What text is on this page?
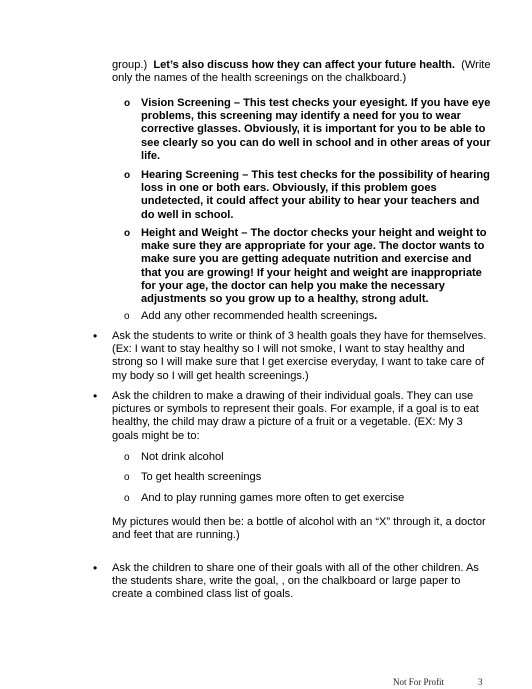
group.) Let’s also discuss how they can affect your future health. (Write only the names of the health screenings on the chalkboard.)

o Vision Screening – This test checks your eyesight. If you have eye problems, this screening may identify a need for you to wear corrective glasses. Obviously, it is important for you to be able to see clearly so you can do well in school and in other areas of your life.
o Hearing Screening – This test checks for the possibility of hearing loss in one or both ears. Obviously, if this problem goes undetected, it could affect your ability to hear your teachers and do well in school.
o Height and Weight – The doctor checks your height and weight to make sure they are appropriate for your age. The doctor wants to make sure you are getting adequate nutrition and exercise and that you are growing! If your height and weight are inappropriate for your age, the doctor can help you make the necessary adjustments so you grow up to a healthy, strong adult.
o Add any other recommended health screenings.
• Ask the students to write or think of 3 health goals they have for themselves. (Ex: I want to stay healthy so I will not smoke, I want to stay healthy and strong so I will make sure that I get exercise everyday, I want to take care of my body so I will get health screenings.)
• Ask the children to make a drawing of their individual goals. They can use pictures or symbols to represent their goals. For example, if a goal is to eat healthy, the child may draw a picture of a fruit or a vegetable. (EX: My 3 goals might be to:
o Not drink alcohol
o To get health screenings
o And to play running games more often to get exercise

My pictures would then be: a bottle of alcohol with an “X” through it, a doctor and feet that are running.)

• Ask the children to share one of their goals with all of the other children. As the students share, write the goal, , on the chalkboard or large paper to create a combined class list of goals.
Not For Profit	3
